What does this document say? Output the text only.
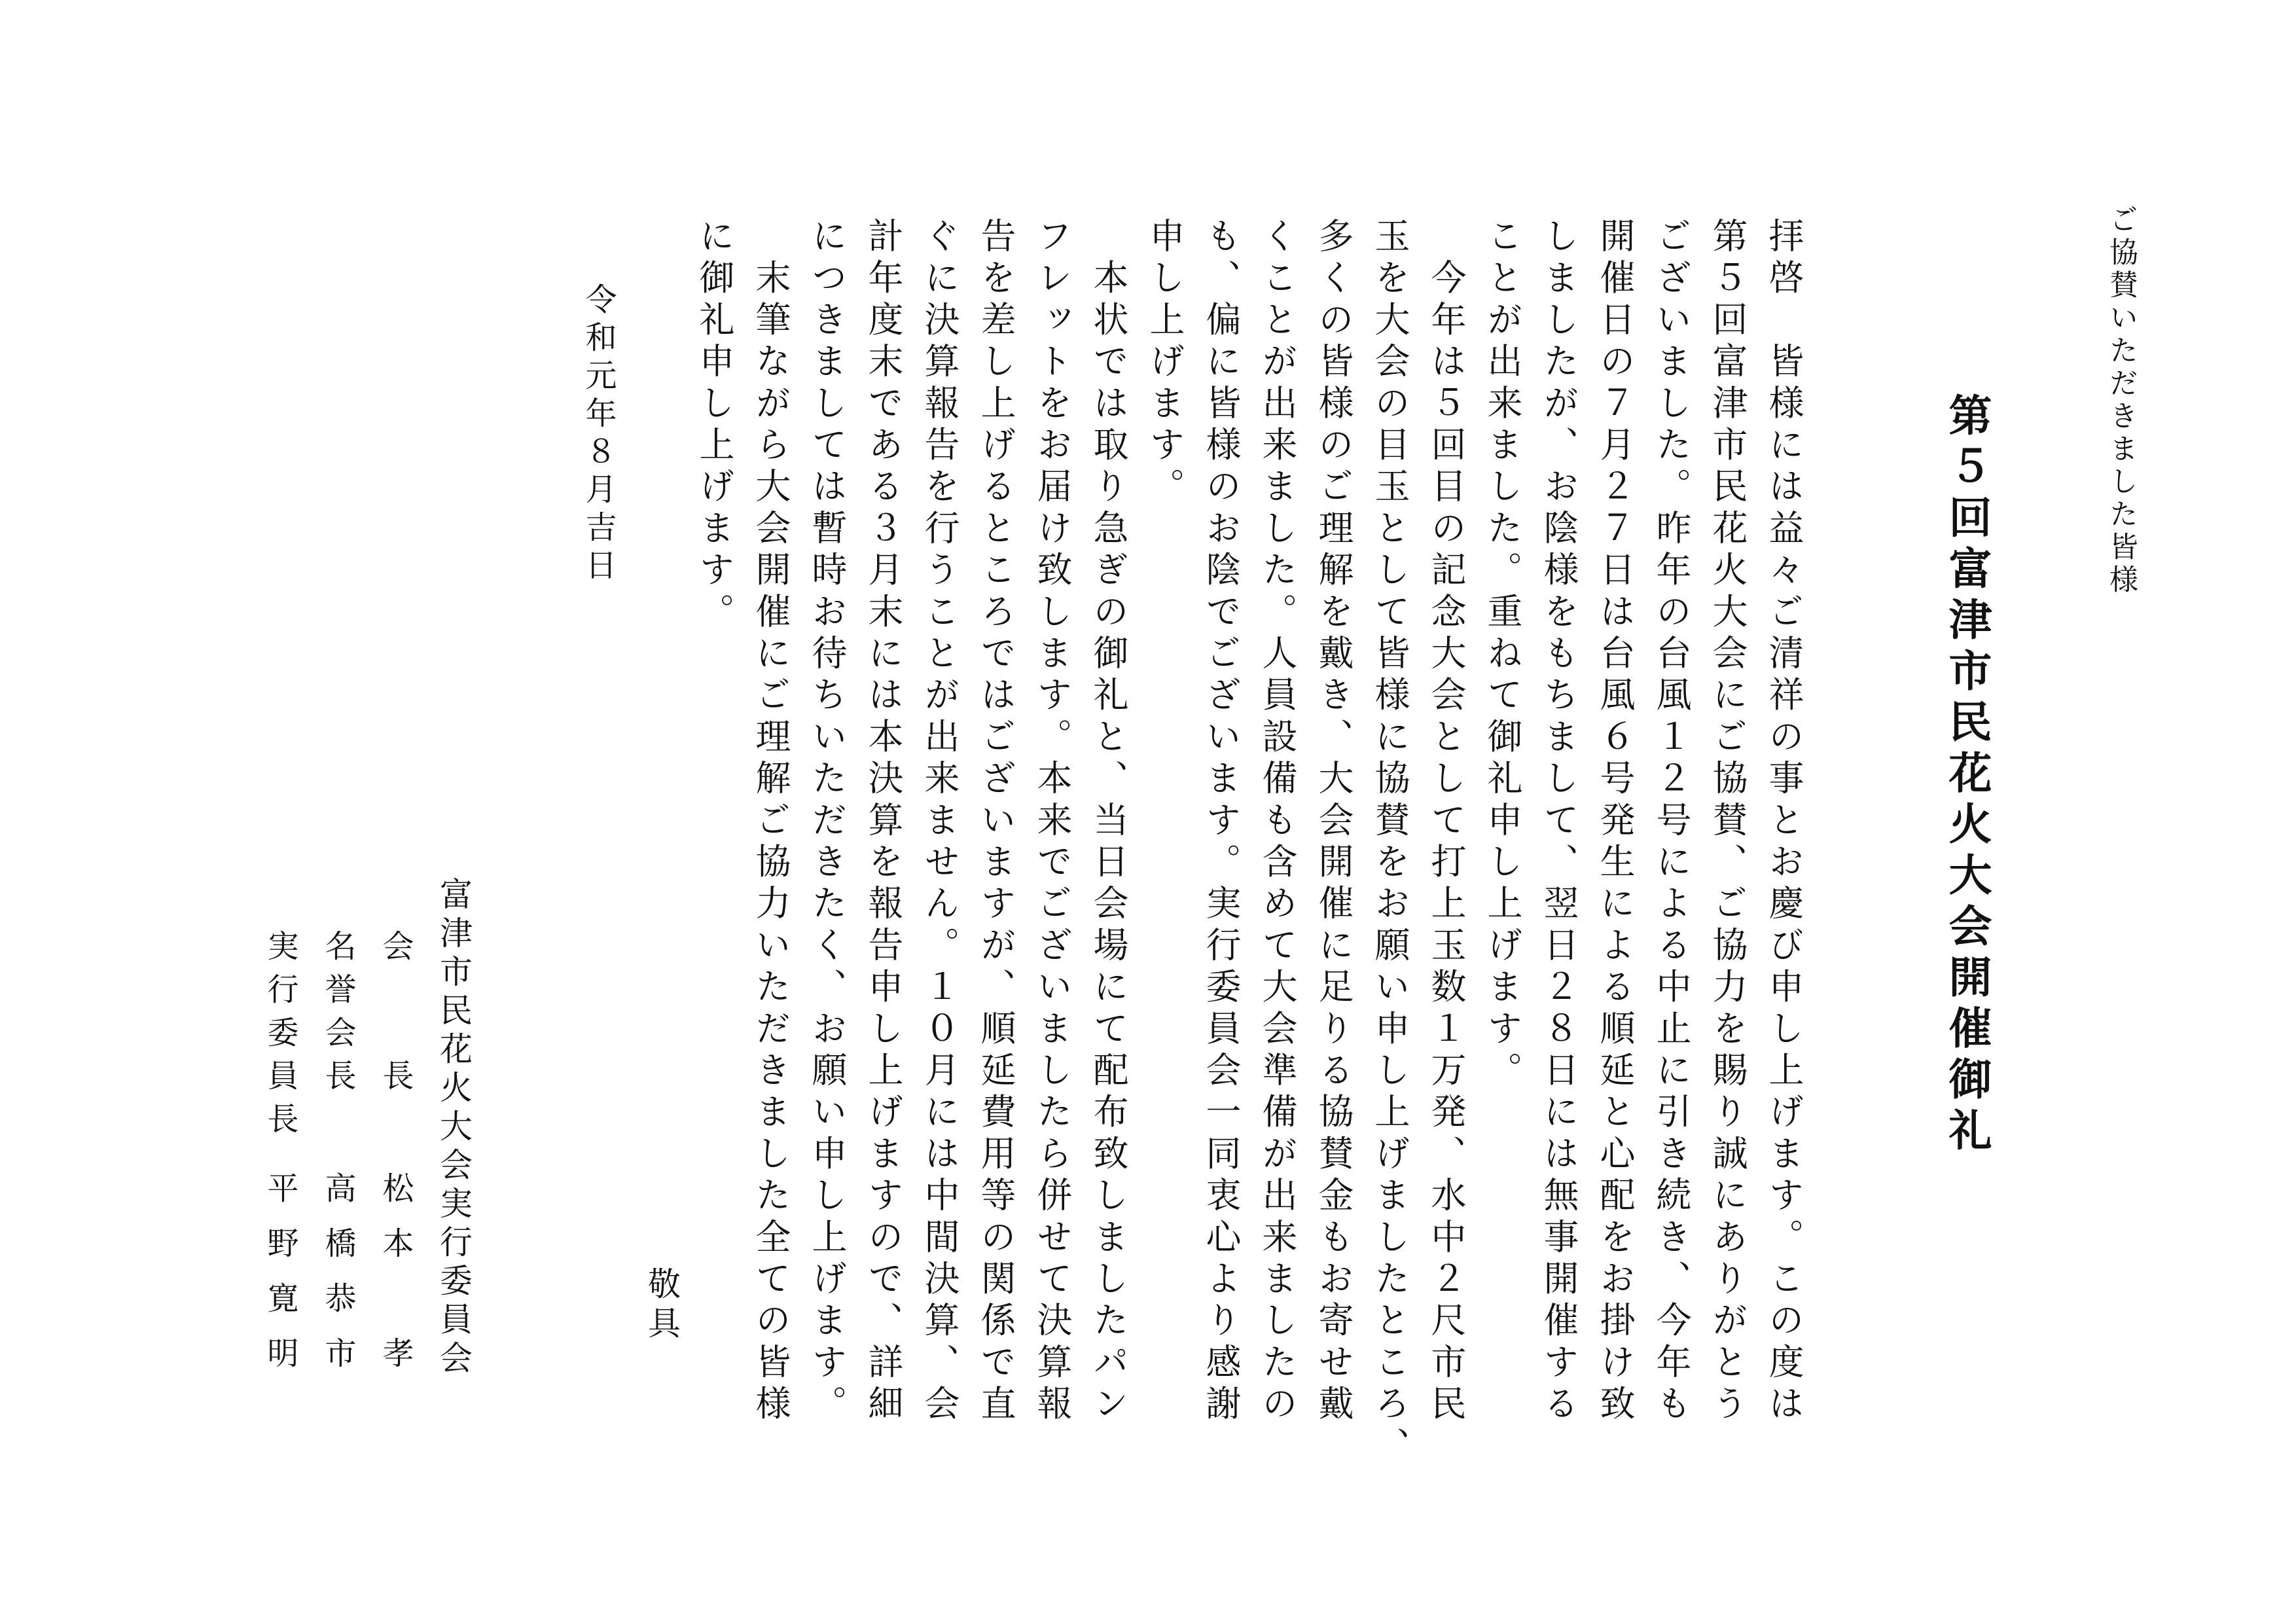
ご協賛いただきました皆様
第５回富津市民花火大会開催御礼

拝啓　皆様には益々ご清祥の事とお慶び申し上げます。この度は

第５回富津市民花火大会にご協賛、ご協力を賜り誠にありがとう

ございました。昨年の台風１２号による中止に引き続き、今年も

開催日の７月２７日は台風６号発生による順延と心配をお掛け致

しましたが、お陰様をもちまして、翌日２８日には無事開催する

ことが出来ました。重ねて御礼申し上げます。

　今年は５回目の記念大会として打上玉数１万発、水中２尺市民

玉を大会の目玉として皆様に協賛をお願い申し上げましたところ、

多くの皆様のご理解を戴き、大会開催に足りる協賛金もお寄せ戴

くことが出来ました。人員設備も含めて大会準備が出来ましたの

も、偏に皆様のお陰でございます。実行委員会一同衷心より感謝

申し上げます。

　本状では取り急ぎの御礼と、当日会場にて配布致しましたパン

フレットをお届け致します。本来でございましたら併せて決算報

告を差し上げるところではございますが、順延費用等の関係で直

ぐに決算報告を行うことが出来ません。１０月には中間決算、会

計年度末である３月末には本決算を報告申し上げますので、詳細

につきましては暫時お待ちいただきたく、お願い申し上げます。

　末筆ながら大会開催にご理解ご協力いただきました全ての皆様

に御礼申し上げます。

敬具
令和元年８月吉日
富津市民花火大会実行委員会
会　　長
松本　孝
名誉会長
高橋恭市
実行委員長
平野寛明
